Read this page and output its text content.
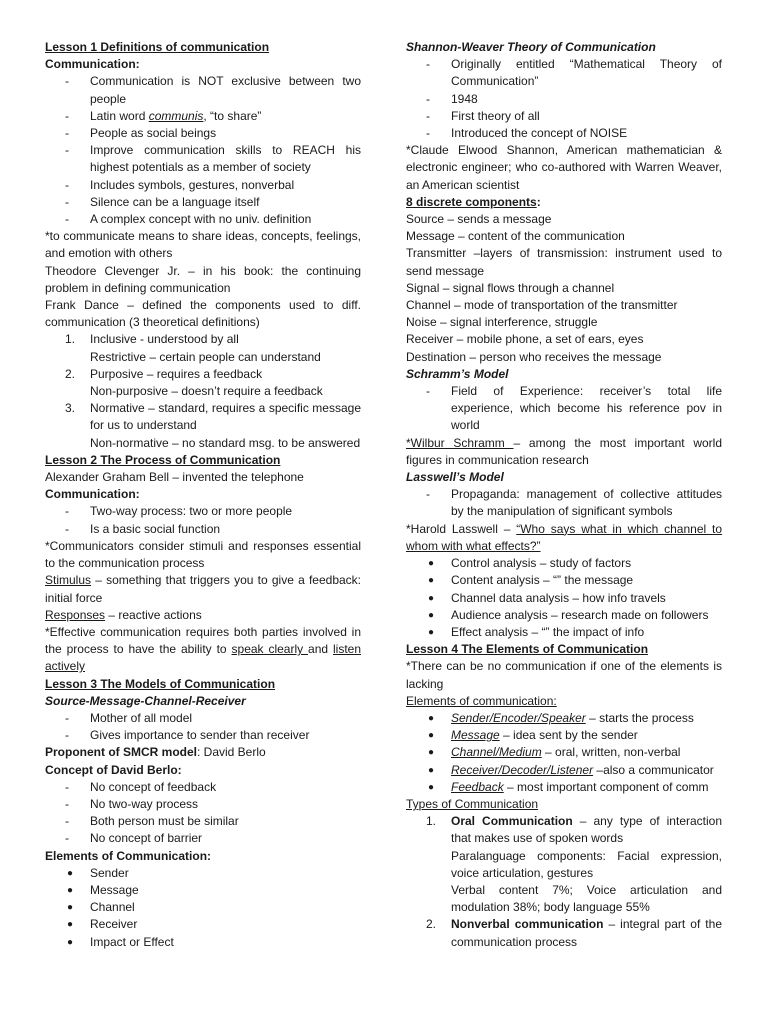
Lesson 1 Definitions of communication

Communication:

- Communication is NOT exclusive between two people
- Latin word communis, “to share”
- People as social beings
- Improve communication skills to REACH his highest potentials as a member of society
- Includes symbols, gestures, nonverbal
- Silence can be a language itself
- A complex concept with no univ. definition

*to communicate means to share ideas, concepts, feelings, and emotion with others

Theodore Clevenger Jr. – in his book: the continuing problem in defining communication

Frank Dance – defined the components used to diff. communication (3 theoretical definitions)

1. Inclusive - understood by all
Restrictive – certain people can understand
2. Purposive – requires a feedback
Non-purposive – doesn’t require a feedback
3. Normative – standard, requires a specific message for us to understand
Non-normative – no standard msg. to be answered

Lesson 2 The Process of Communication

Alexander Graham Bell – invented the telephone

Communication:

- Two-way process: two or more people
- Is a basic social function

*Communicators consider stimuli and responses essential to the communication process

Stimulus – something that triggers you to give a feedback: initial force

Responses – reactive actions

*Effective communication requires both parties involved in the process to have the ability to speak clearly and listen actively

Lesson 3 The Models of Communication

Source-Message-Channel-Receiver

- Mother of all model
- Gives importance to sender than receiver

Proponent of SMCR model: David Berlo

Concept of David Berlo:

- No concept of feedback
- No two-way process
- Both person must be similar
- No concept of barrier

Elements of Communication:

● Sender
● Message
● Channel
● Receiver
● Impact or Effect

Shannon-Weaver Theory of Communication

- Originally entitled “Mathematical Theory of Communication”
- 1948
- First theory of all
- Introduced the concept of NOISE

*Claude Elwood Shannon, American mathematician & electronic engineer; who co-authored with Warren Weaver, an American scientist

8 discrete components:

Source – sends a message

Message – content of the communication

Transmitter –layers of transmission: instrument used to send message

Signal – signal flows through a channel

Channel – mode of transportation of the transmitter

Noise – signal interference, struggle

Receiver – mobile phone, a set of ears, eyes

Destination – person who receives the message

Schramm’s Model

- Field of Experience: receiver’s total life experience, which become his reference pov in world

*Wilbur Schramm – among the most important world figures in communication research

Lasswell’s Model

- Propaganda: management of collective attitudes by the manipulation of significant symbols

*Harold Lasswell – “Who says what in which channel to whom with what effects?”

● Control analysis – study of factors
● Content analysis – “” the message
● Channel data analysis – how info travels
● Audience analysis – research made on followers
● Effect analysis – “” the impact of info

Lesson 4 The Elements of Communication

*There can be no communication if one of the elements is lacking

Elements of communication:

● Sender/Encoder/Speaker – starts the process
● Message – idea sent by the sender
● Channel/Medium – oral, written, non-verbal
● Receiver/Decoder/Listener –also a communicator
● Feedback – most important component of comm

Types of Communication

1. Oral Communication – any type of interaction that makes use of spoken words
Paralanguage components: Facial expression, voice articulation, gestures
Verbal content 7%; Voice articulation and modulation 38%; body language 55%
2. Nonverbal communication – integral part of the communication process
